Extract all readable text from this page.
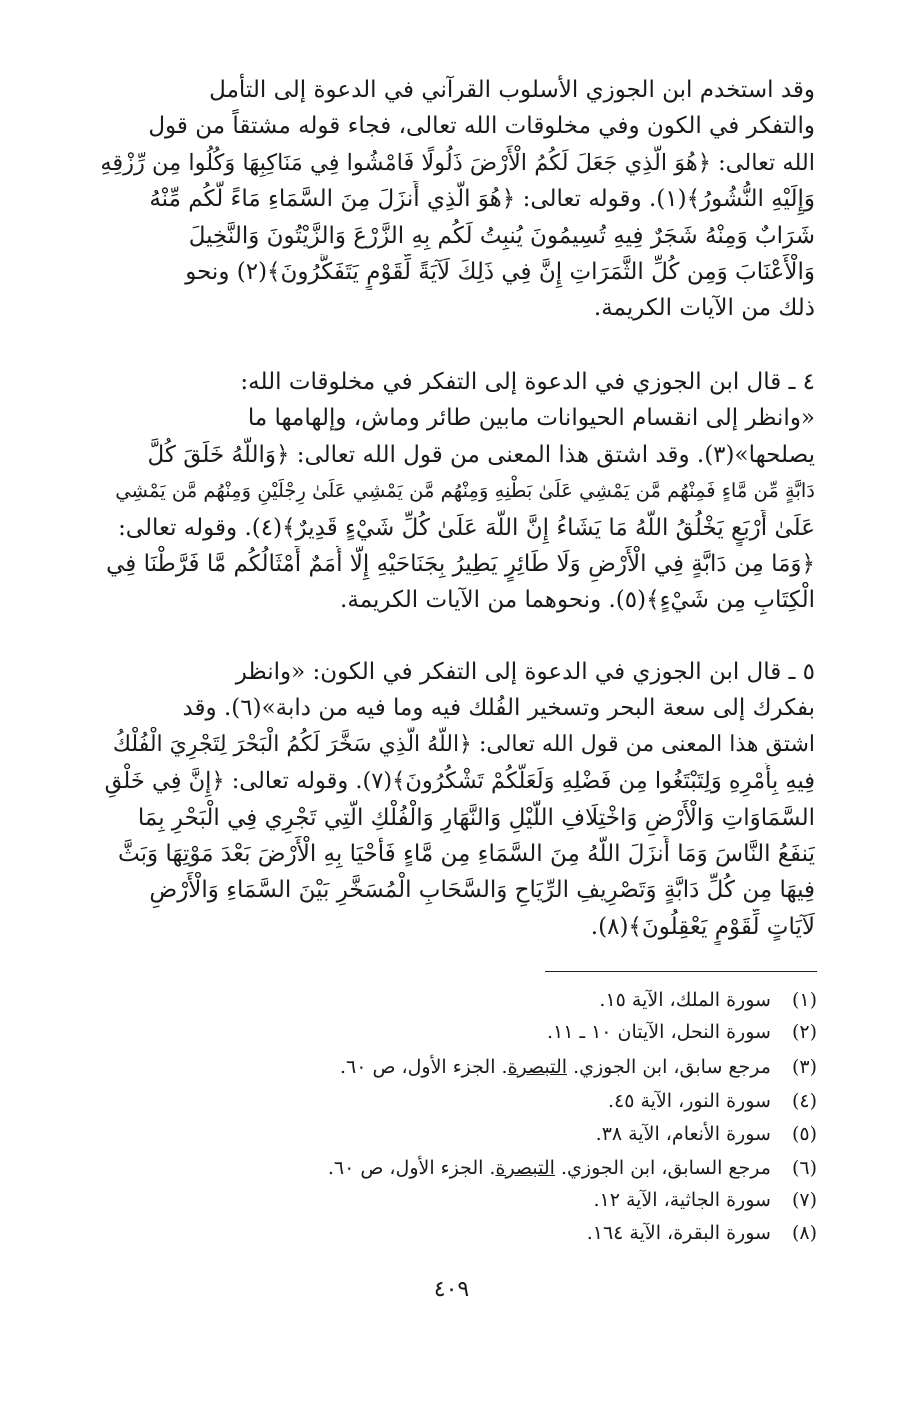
وقد استخدم ابن الجوزي الأسلوب القرآني في الدعوة إلى التأمل
والتفكر في الكون وفي مخلوقات الله تعالى، فجاء قوله مشتقاً من قول
الله تعالى: ﴿هُوَ الَّذِي جَعَلَ لَكُمُ الْأَرْضَ ذَلُولًا فَامْشُوا فِي مَنَاكِبِهَا وَكُلُوا مِن رِّزْقِهِ
وَإِلَيْهِ النُّشُورُ﴾(١). وقوله تعالى: ﴿هُوَ الَّذِي أَنزَلَ مِنَ السَّمَاءِ مَاءً لَّكُم مِّنْهُ
شَرَابٌ وَمِنْهُ شَجَرٌ فِيهِ تُسِيمُونَ يُنبِتُ لَكُم بِهِ الزَّرْعَ وَالزَّيْتُونَ وَالنَّخِيلَ
وَالْأَعْنَابَ وَمِن كُلِّ الثَّمَرَاتِ إِنَّ فِي ذَلِكَ لَآيَةً لِّقَوْمٍ يَتَفَكَّرُونَ﴾(٢) ونحو
ذلك من الآيات الكريمة.

٤ ـ قال ابن الجوزي في الدعوة إلى التفكر في مخلوقات الله:
«وانظر إلى انقسام الحيوانات مابين طائر وماش، وإلهامها ما
يصلحها»(٣). وقد اشتق هذا المعنى من قول الله تعالى: ﴿وَاللَّهُ خَلَقَ كُلَّ
دَابَّةٍ مِّن مَّاءٍ فَمِنْهُم مَّن يَمْشِي عَلَىٰ بَطْنِهِ وَمِنْهُم مَّن يَمْشِي عَلَىٰ رِجْلَيْنِ وَمِنْهُم مَّن يَمْشِي
عَلَىٰ أَرْبَعٍ يَخْلُقُ اللَّهُ مَا يَشَاءُ إِنَّ اللَّهَ عَلَىٰ كُلِّ شَيْءٍ قَدِيرٌ﴾(٤). وقوله تعالى:
﴿وَمَا مِن دَابَّةٍ فِي الْأَرْضِ وَلَا طَائِرٍ يَطِيرُ بِجَنَاحَيْهِ إِلَّا أُمَمٌ أَمْثَالُكُم مَّا فَرَّطْنَا فِي
الْكِتَابِ مِن شَيْءٍ﴾(٥). ونحوهما من الآيات الكريمة.

٥ ـ قال ابن الجوزي في الدعوة إلى التفكر في الكون: «وانظر
بفكرك إلى سعة البحر وتسخير الفُلك فيه وما فيه من دابة»(٦). وقد
اشتق هذا المعنى من قول الله تعالى: ﴿اللَّهُ الَّذِي سَخَّرَ لَكُمُ الْبَحْرَ لِتَجْرِيَ الْفُلْكُ
فِيهِ بِأَمْرِهِ وَلِتَبْتَغُوا مِن فَضْلِهِ وَلَعَلَّكُمْ تَشْكُرُونَ﴾(٧). وقوله تعالى: ﴿إِنَّ فِي خَلْقِ
السَّمَاوَاتِ وَالْأَرْضِ وَاخْتِلَافِ اللَّيْلِ وَالنَّهَارِ وَالْفُلْكِ الَّتِي تَجْرِي فِي الْبَحْرِ بِمَا
يَنفَعُ النَّاسَ وَمَا أَنزَلَ اللَّهُ مِنَ السَّمَاءِ مِن مَّاءٍ فَأَحْيَا بِهِ الْأَرْضَ بَعْدَ مَوْتِهَا وَبَثَّ
فِيهَا مِن كُلِّ دَابَّةٍ وَتَصْرِيفِ الرِّيَاحِ وَالسَّحَابِ الْمُسَخَّرِ بَيْنَ السَّمَاءِ وَالْأَرْضِ
لَآيَاتٍ لِّقَوْمٍ يَعْقِلُونَ﴾(٨).

(١) سورة الملك، الآية ١٥.
(٢) سورة النحل، الآيتان ١٠ ـ ١١.
(٣) مرجع سابق، ابن الجوزي. التبصرة. الجزء الأول، ص ٦٠.
(٤) سورة النور، الآية ٤٥.
(٥) سورة الأنعام، الآية ٣٨.
(٦) مرجع السابق، ابن الجوزي. التبصرة. الجزء الأول، ص ٦٠.
(٧) سورة الجاثية، الآية ١٢.
(٨) سورة البقرة، الآية ١٦٤.
٤٠٩
